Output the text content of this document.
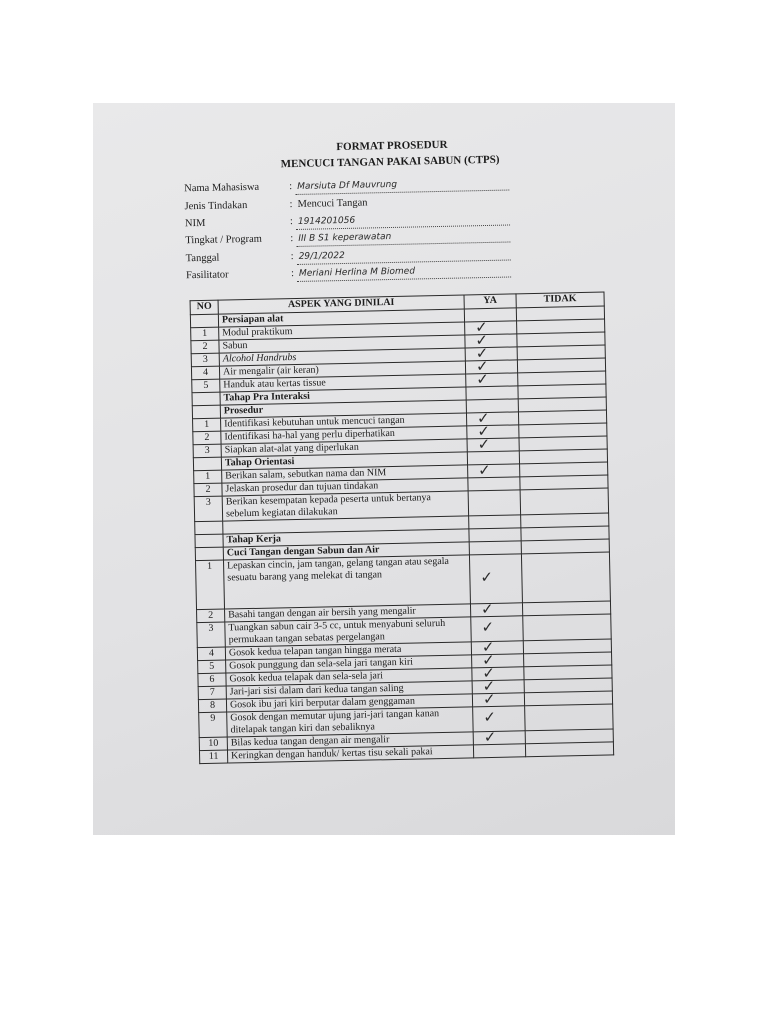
FORMAT PROSEDUR
MENCUCI TANGAN PAKAI SABUN (CTPS)
Nama Mahasiswa	: Marsiuta Df Mauvrung
Jenis Tindakan	: Mencuci Tangan
NIM	: 1914201056
Tingkat / Program	: III B S1 keperawatan
Tanggal	: 29/1/2022
Fasilitator	: Meriani Herlina M Biomed
NO	ASPEK YANG DINILAI	YA	TIDAK
	Persiapan alat		
1	Modul praktikum	✓	

2	Sabun	✓	

3	Alcohol Handrubs	✓	

4	Air mengalir (air keran)	✓	

5	Handuk atau kertas tissue	✓	

	Tahap Pra Interaksi		
	Prosedur		
1	Identifikasi kebutuhan untuk mencuci tangan	✓	

2	Identifikasi ha-hal yang perlu diperhatikan	✓	

3	Siapkan alat-alat yang diperlukan	✓	

	Tahap Orientasi		
1	Berikan salam, sebutkan nama dan NIM	✓	

2	Jelaskan prosedur dan tujuan tindakan		
3	Berikan kesempatan kepada peserta untuk bertanya sebelum kegiatan dilakukan		

	Tahap Kerja		
	Cuci Tangan dengan Sabun dan Air		
1	Lepaskan cincin, jam tangan, gelang tangan atau segala sesuatu barang yang melekat di tangan	✓	

2	Basahi tangan dengan air bersih yang mengalir	✓	

3	Tuangkan sabun cair 3-5 cc, untuk menyabuni seluruh permukaan tangan sebatas pergelangan	✓	

4	Gosok kedua telapan tangan hingga merata	✓	

5	Gosok punggung dan sela-sela jari tangan kiri	✓	

6	Gosok kedua telapak dan sela-sela jari	✓	

7	Jari-jari sisi dalam dari kedua tangan saling	✓	

8	Gosok ibu jari kiri berputar dalam genggaman	✓	

9	Gosok dengan memutar ujung jari-jari tangan kanan ditelapak tangan kiri dan sebaliknya	✓	

10	Bilas kedua tangan dengan air mengalir	✓	

11	Keringkan dengan handuk/ kertas tisu sekali pakai		
